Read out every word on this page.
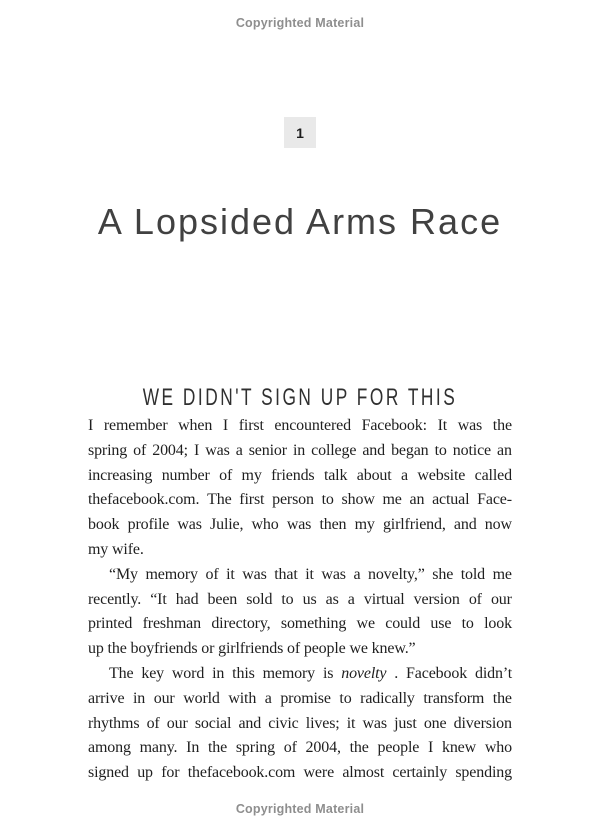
Copyrighted Material
1
A Lopsided Arms Race
WE DIDN'T SIGN UP FOR THIS
I remember when I first encountered Facebook: It was the
spring of 2004; I was a senior in college and began to notice an
increasing number of my friends talk about a website called
thefacebook.com. The first person to show me an actual Face-
book profile was Julie, who was then my girlfriend, and now
my wife.
“My memory of it was that it was a novelty,” she told me
recently. “It had been sold to us as a virtual version of our
printed freshman directory, something we could use to look
up the boyfriends or girlfriends of people we knew.”
The key word in this memory is novelty . Facebook didn’t
arrive in our world with a promise to radically transform the
rhythms of our social and civic lives; it was just one diversion
among many. In the spring of 2004, the people I knew who
signed up for thefacebook.com were almost certainly spending
Copyrighted Material
